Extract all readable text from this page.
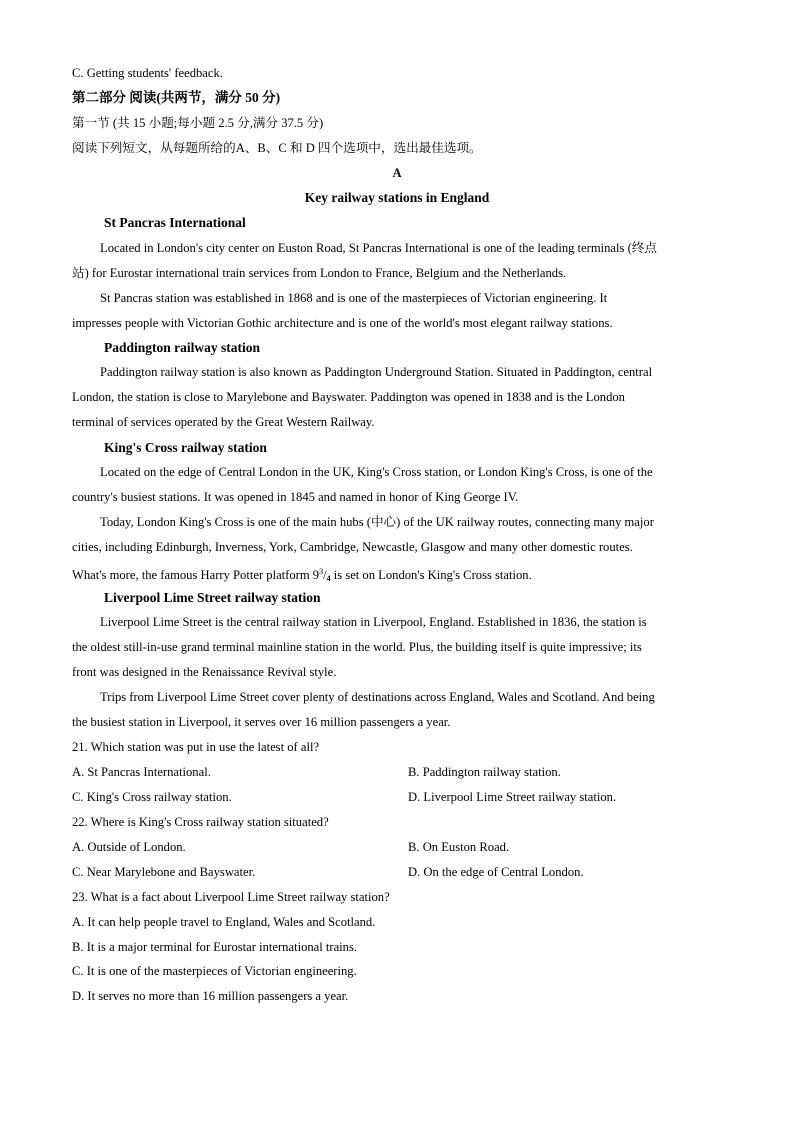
C. Getting students' feedback.
第二部分 阅读(共两节，满分 50 分)
第一节 (共 15 小题;每小题 2.5 分,满分 37.5 分)
阅读下列短文，从每题所给的A、B、C 和 D 四个选项中，选出最佳选项。
A
Key railway stations in England
St Pancras International
Located in London's city center on Euston Road, St Pancras International is one of the leading terminals (终点
站) for Eurostar international train services from London to France, Belgium and the Netherlands.
St Pancras station was established in 1868 and is one of the masterpieces of Victorian engineering. It
impresses people with Victorian Gothic architecture and is one of the world's most elegant railway stations.
Paddington railway station
Paddington railway station is also known as Paddington Underground Station. Situated in Paddington, central
London, the station is close to Marylebone and Bayswater. Paddington was opened in 1838 and is the London
terminal of services operated by the Great Western Railway.
King's Cross railway station
Located on the edge of Central London in the UK, King's Cross station, or London King's Cross, is one of the
country's busiest stations. It was opened in 1845 and named in honor of King George IV.
Today, London King's Cross is one of the main hubs (中心) of the UK railway routes, connecting many major
cities, including Edinburgh, Inverness, York, Cambridge, Newcastle, Glasgow and many other domestic routes.
What's more, the famous Harry Potter platform $9^3/_4$ is set on London's King's Cross station.
Liverpool Lime Street railway station
Liverpool Lime Street is the central railway station in Liverpool, England. Established in 1836, the station is
the oldest still-in-use grand terminal mainline station in the world. Plus, the building itself is quite impressive; its
front was designed in the Renaissance Revival style.
Trips from Liverpool Lime Street cover plenty of destinations across England, Wales and Scotland. And being
the busiest station in Liverpool, it serves over 16 million passengers a year.
21. Which station was put in use the latest of all?
A. St Pancras International.	B. Paddington railway station.
C. King's Cross railway station.	D. Liverpool Lime Street railway station.
22. Where is King's Cross railway station situated?
A. Outside of London.	B. On Euston Road.
C. Near Marylebone and Bayswater.	D. On the edge of Central London.
23. What is a fact about Liverpool Lime Street railway station?
A. It can help people travel to England, Wales and Scotland.
B. It is a major terminal for Eurostar international trains.
C. It is one of the masterpieces of Victorian engineering.
D. It serves no more than 16 million passengers a year.
